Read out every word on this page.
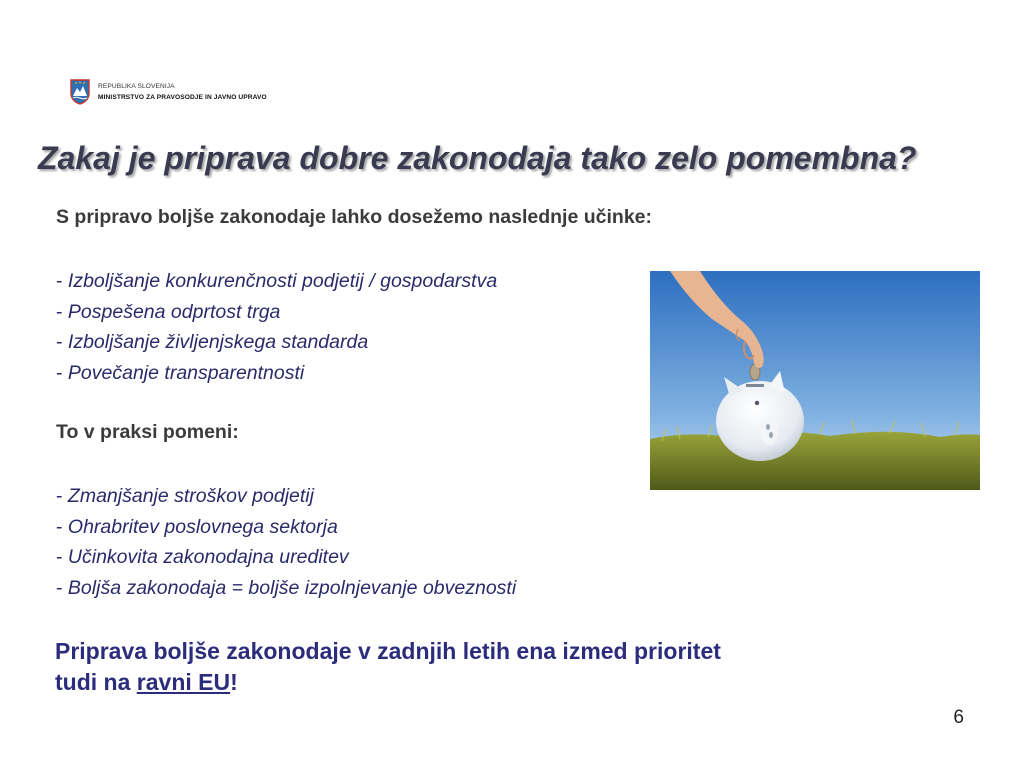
REPUBLIKA SLOVENIJA
MINISTRSTVO ZA PRAVOSODJE IN JAVNO UPRAVO
Zakaj je priprava dobre zakonodaja tako zelo pomembna?

S pripravo boljše zakonodaje lahko dosežemo naslednje učinke:

- Izboljšanje konkurenčnosti podjetij / gospodarstva
- Pospešena odprtost trga
- Izboljšanje življenjskega standarda
- Povečanje transparentnosti

To v praksi pomeni:

- Zmanjšanje stroškov podjetij
- Ohrabritev poslovnega sektorja
- Učinkovita zakonodajna ureditev
- Boljša zakonodaja = boljše izpolnjevanje obveznosti

Priprava boljše zakonodaje v zadnjih letih ena izmed prioritet
tudi na ravni EU!

6
